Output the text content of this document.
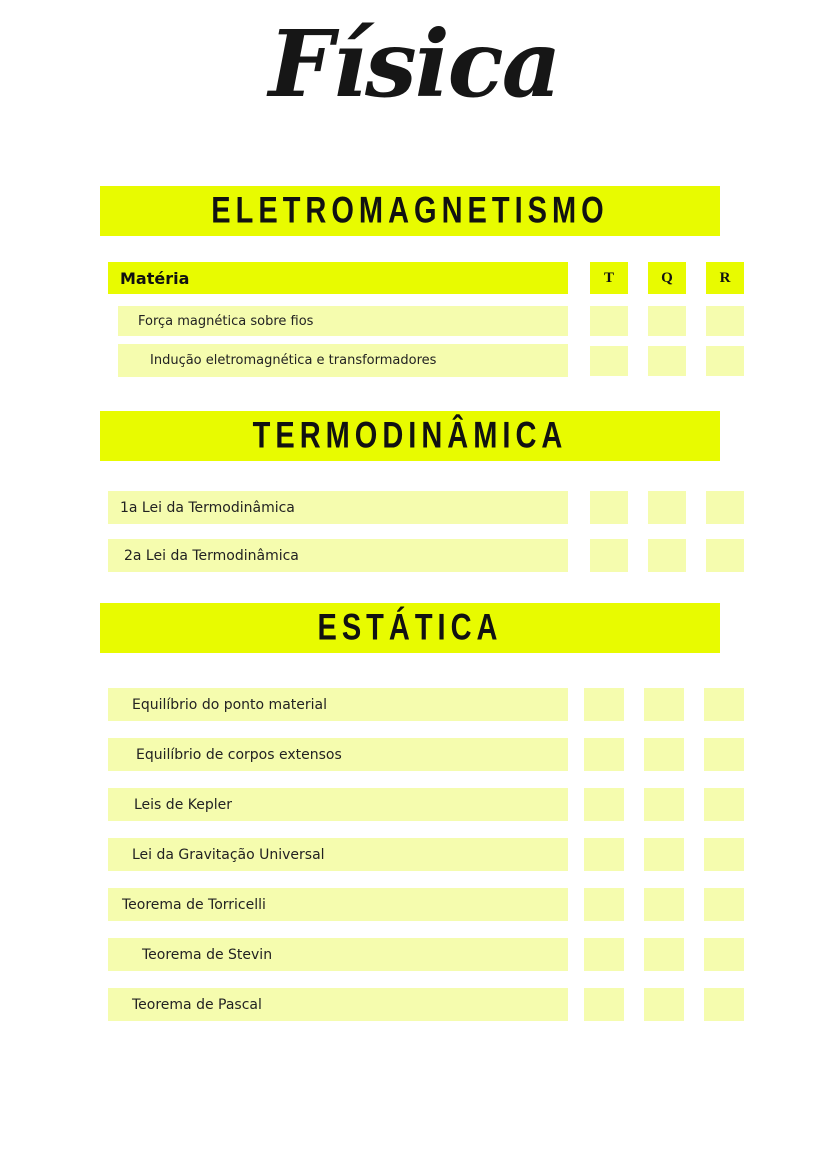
Física
ELETROMAGNETISMO
Matéria	T	Q	R
Força magnética sobre fios
Indução eletromagnética e transformadores
TERMODINÂMICA
1a Lei da Termodinâmica
2a Lei da Termodinâmica
ESTÁTICA
Equilíbrio do ponto material
Equilíbrio de corpos extensos
Leis de Kepler
Lei da Gravitação Universal
Teorema de Torricelli
Teorema de Stevin
Teorema de Pascal
